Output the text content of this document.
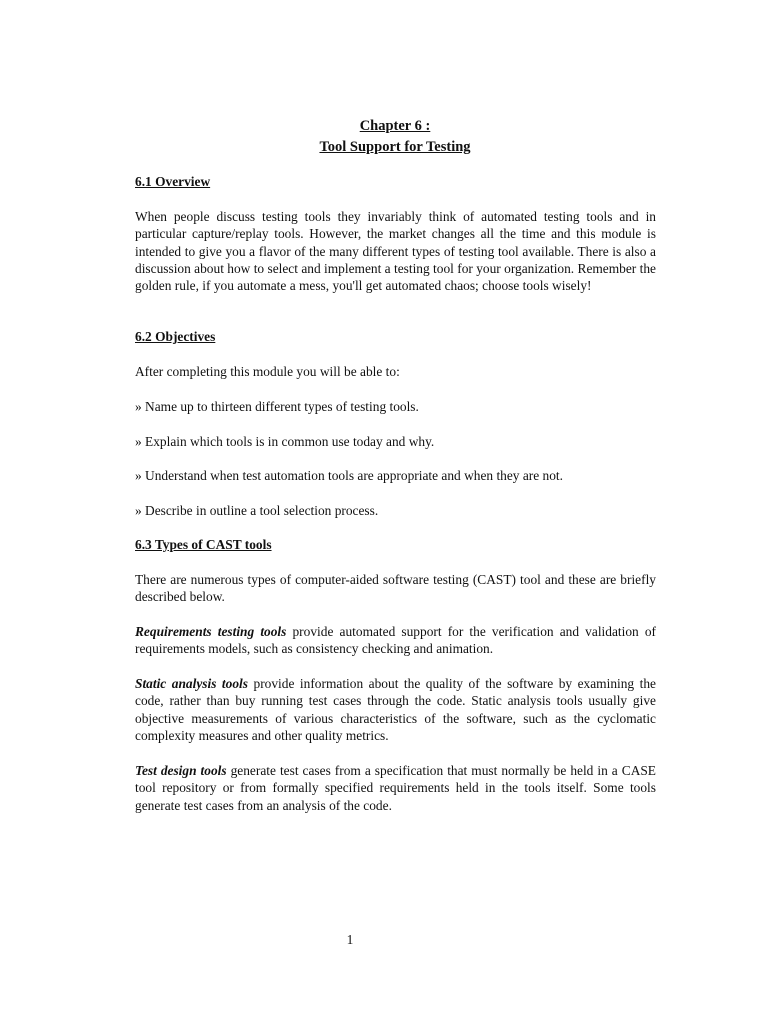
Chapter 6 :
Tool Support for Testing
6.1 Overview

When people discuss testing tools they invariably think of automated testing tools and in particular capture/replay tools. However, the market changes all the time and this module is intended to give you a flavor of the many different types of testing tool available. There is also a discussion about how to select and implement a testing tool for your organization. Remember the golden rule, if you automate a mess, you'll get automated chaos; choose tools wisely!

6.2 Objectives

After completing this module you will be able to:

» Name up to thirteen different types of testing tools.

» Explain which tools is in common use today and why.

» Understand when test automation tools are appropriate and when they are not.

» Describe in outline a tool selection process.

6.3 Types of CAST tools

There are numerous types of computer-aided software testing (CAST) tool and these are briefly described below.

Requirements testing tools provide automated support for the verification and validation of requirements models, such as consistency checking and animation.

Static analysis tools provide information about the quality of the software by examining the code, rather than buy running test cases through the code. Static analysis tools usually give objective measurements of various characteristics of the software, such as the cyclomatic complexity measures and other quality metrics.

Test design tools generate test cases from a specification that must normally be held in a CASE tool repository or from formally specified requirements held in the tools itself. Some tools generate test cases from an analysis of the code.

1
